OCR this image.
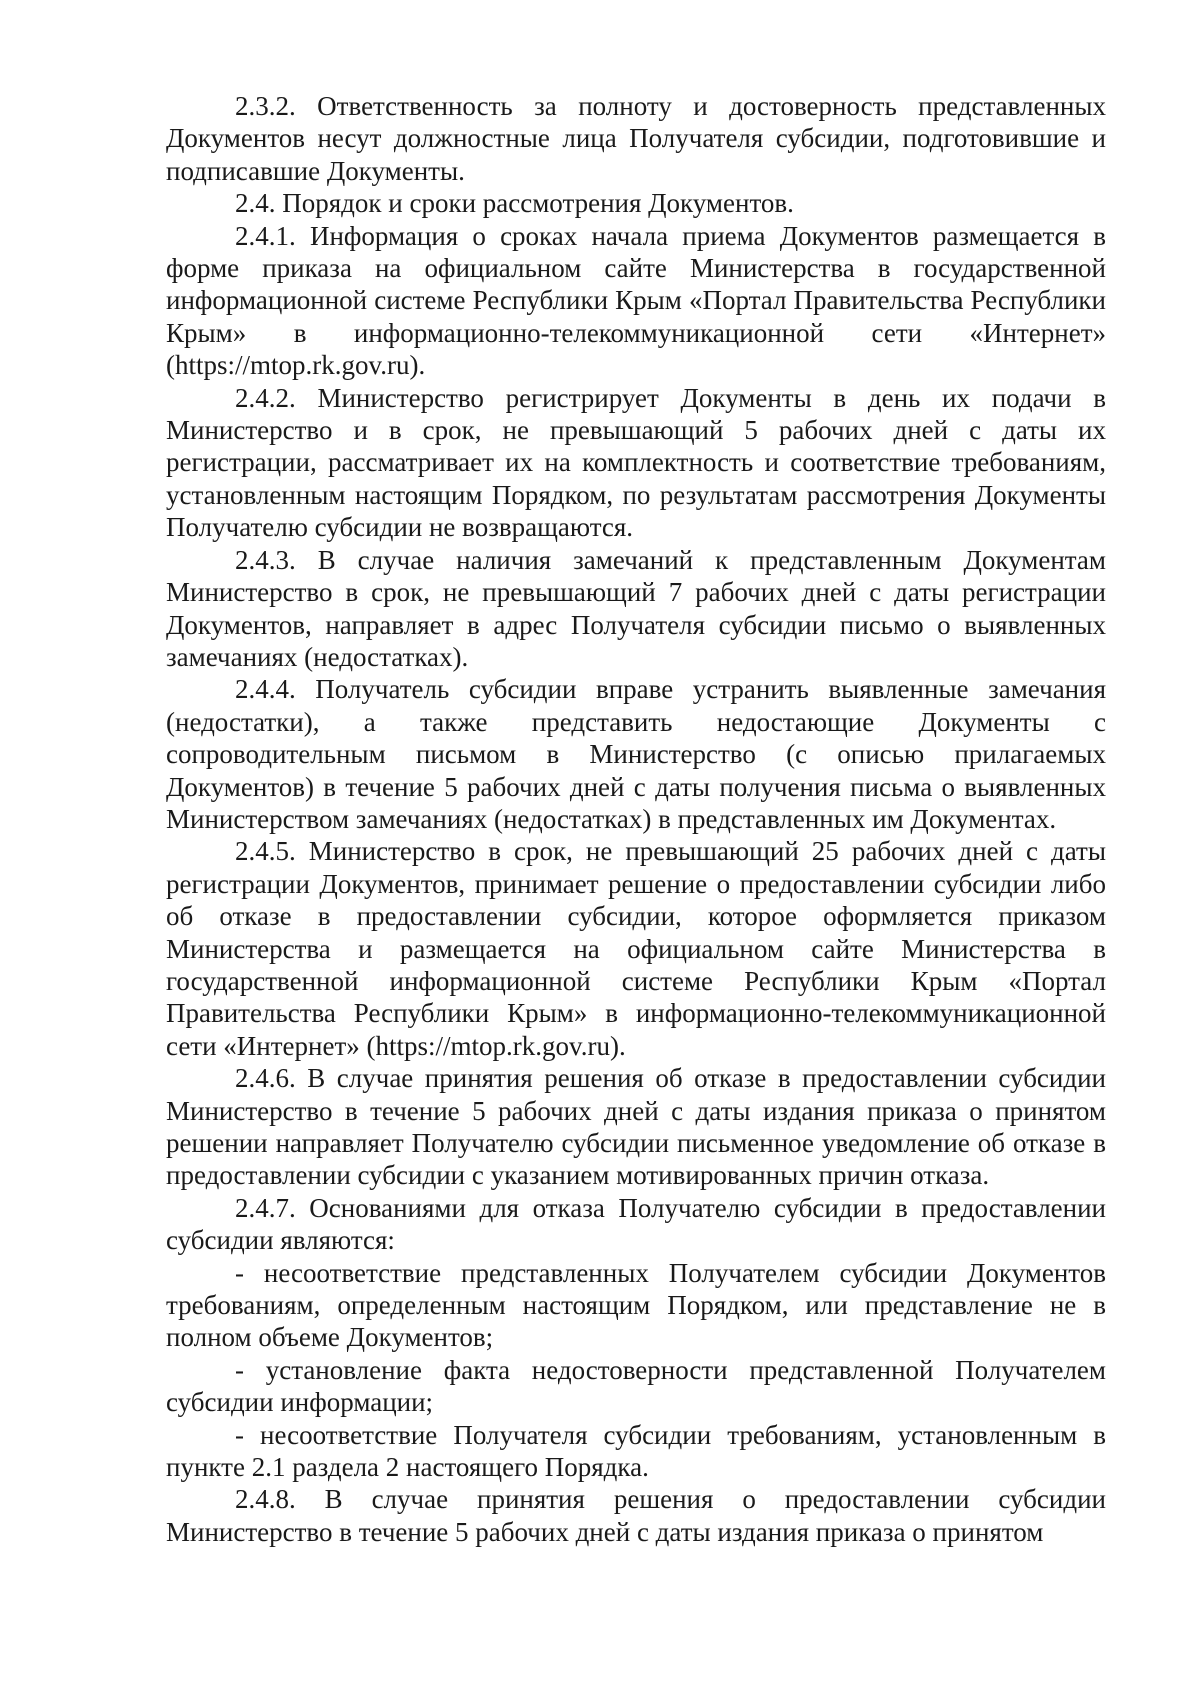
2.3.2. Ответственность за полноту и достоверность представленных Документов несут должностные лица Получателя субсидии, подготовившие и подписавшие Документы.

2.4. Порядок и сроки рассмотрения Документов.

2.4.1. Информация о сроках начала приема Документов размещается в форме приказа на официальном сайте Министерства в государственной информационной системе Республики Крым «Портал Правительства Республики Крым» в информационно-телекоммуникационной сети «Интернет» (https://mtop.rk.gov.ru).

2.4.2. Министерство регистрирует Документы в день их подачи в Министерство и в срок, не превышающий 5 рабочих дней с даты их регистрации, рассматривает их на комплектность и соответствие требованиям, установленным настоящим Порядком, по результатам рассмотрения Документы Получателю субсидии не возвращаются.

2.4.3. В случае наличия замечаний к представленным Документам Министерство в срок, не превышающий 7 рабочих дней с даты регистрации Документов, направляет в адрес Получателя субсидии письмо о выявленных замечаниях (недостатках).

2.4.4. Получатель субсидии вправе устранить выявленные замечания (недостатки), а также представить недостающие Документы с сопроводительным письмом в Министерство (с описью прилагаемых Документов) в течение 5 рабочих дней с даты получения письма о выявленных Министерством замечаниях (недостатках) в представленных им Документах.

2.4.5. Министерство в срок, не превышающий 25 рабочих дней с даты регистрации Документов, принимает решение о предоставлении субсидии либо об отказе в предоставлении субсидии, которое оформляется приказом Министерства и размещается на официальном сайте Министерства в государственной информационной системе Республики Крым «Портал Правительства Республики Крым» в информационно-телекоммуникационной сети «Интернет» (https://mtop.rk.gov.ru).

2.4.6. В случае принятия решения об отказе в предоставлении субсидии Министерство в течение 5 рабочих дней с даты издания приказа о принятом решении направляет Получателю субсидии письменное уведомление об отказе в предоставлении субсидии с указанием мотивированных причин отказа.

2.4.7. Основаниями для отказа Получателю субсидии в предоставлении субсидии являются:

- несоответствие представленных Получателем субсидии Документов требованиям, определенным настоящим Порядком, или представление не в полном объеме Документов;

- установление факта недостоверности представленной Получателем субсидии информации;

- несоответствие Получателя субсидии требованиям, установленным в пункте 2.1 раздела 2 настоящего Порядка.

2.4.8. В случае принятия решения о предоставлении субсидии Министерство в течение 5 рабочих дней с даты издания приказа о принятом
